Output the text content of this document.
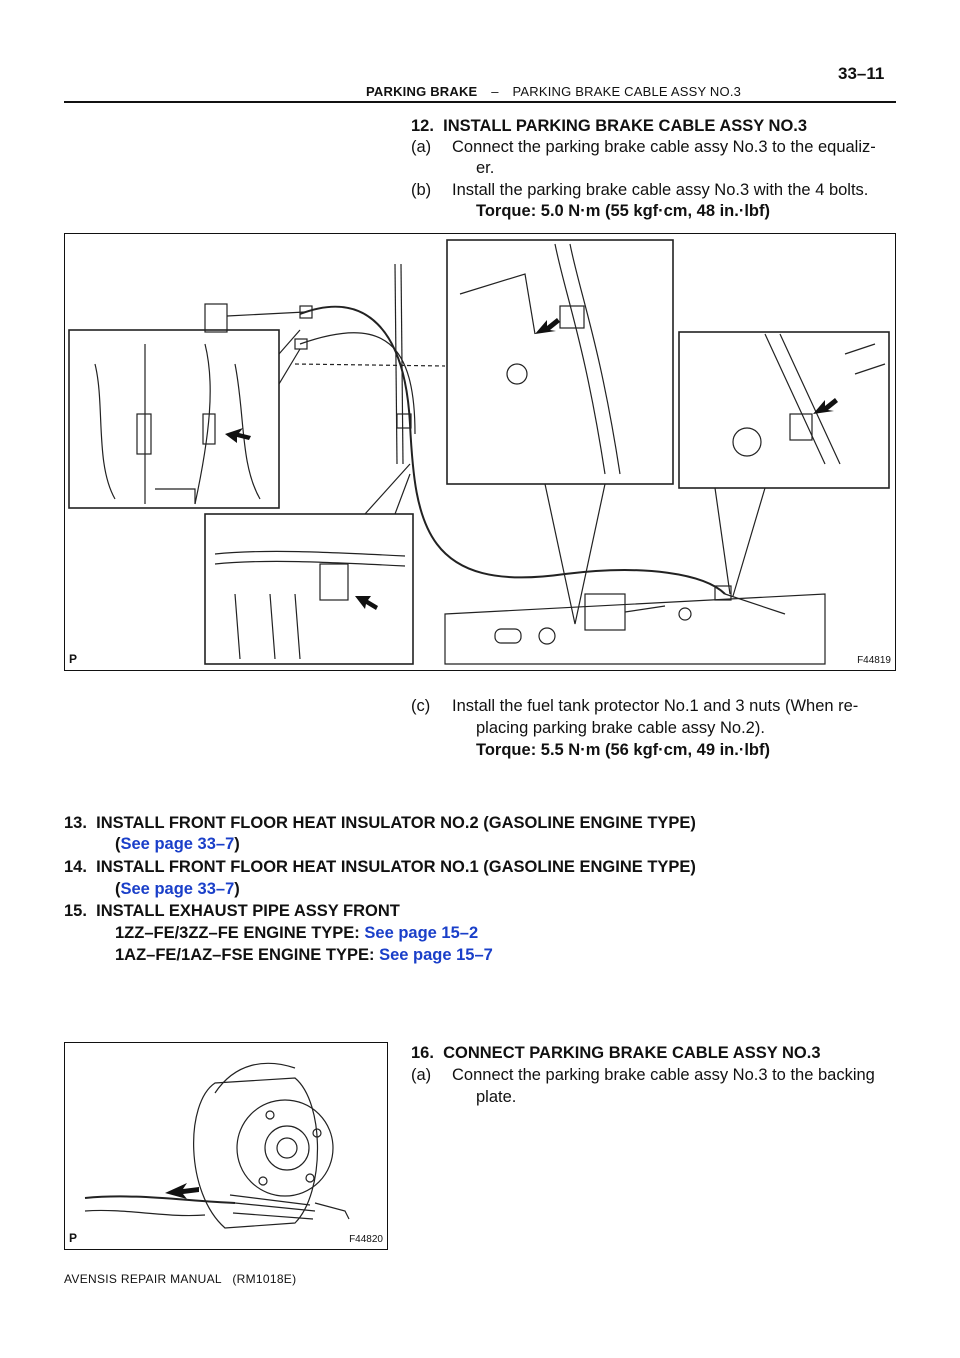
PARKING BRAKE – PARKING BRAKE CABLE ASSY NO.3
33–11
12.  INSTALL PARKING BRAKE CABLE ASSY NO.3
(a) Connect the parking brake cable assy No.3 to the equaliz-
er.
(b) Install the parking brake cable assy No.3 with the 4 bolts.
Torque: 5.0 N·m (55 kgf·cm, 48 in.·lbf)
P	F44819
(c) Install the fuel tank protector No.1 and 3 nuts (When re-
placing parking brake cable assy No.2).
Torque: 5.5 N·m (56 kgf·cm, 49 in.·lbf)
13.  INSTALL FRONT FLOOR HEAT INSULATOR NO.2 (GASOLINE ENGINE TYPE)
(See page 33–7)
14.  INSTALL FRONT FLOOR HEAT INSULATOR NO.1 (GASOLINE ENGINE TYPE)
(See page 33–7)
15.  INSTALL EXHAUST PIPE ASSY FRONT
1ZZ–FE/3ZZ–FE ENGINE TYPE: See page 15–2
1AZ–FE/1AZ–FSE ENGINE TYPE: See page 15–7
P	F44820
16.  CONNECT PARKING BRAKE CABLE ASSY NO.3
(a) Connect the parking brake cable assy No.3 to the backing
plate.
AVENSIS REPAIR MANUAL   (RM1018E)
